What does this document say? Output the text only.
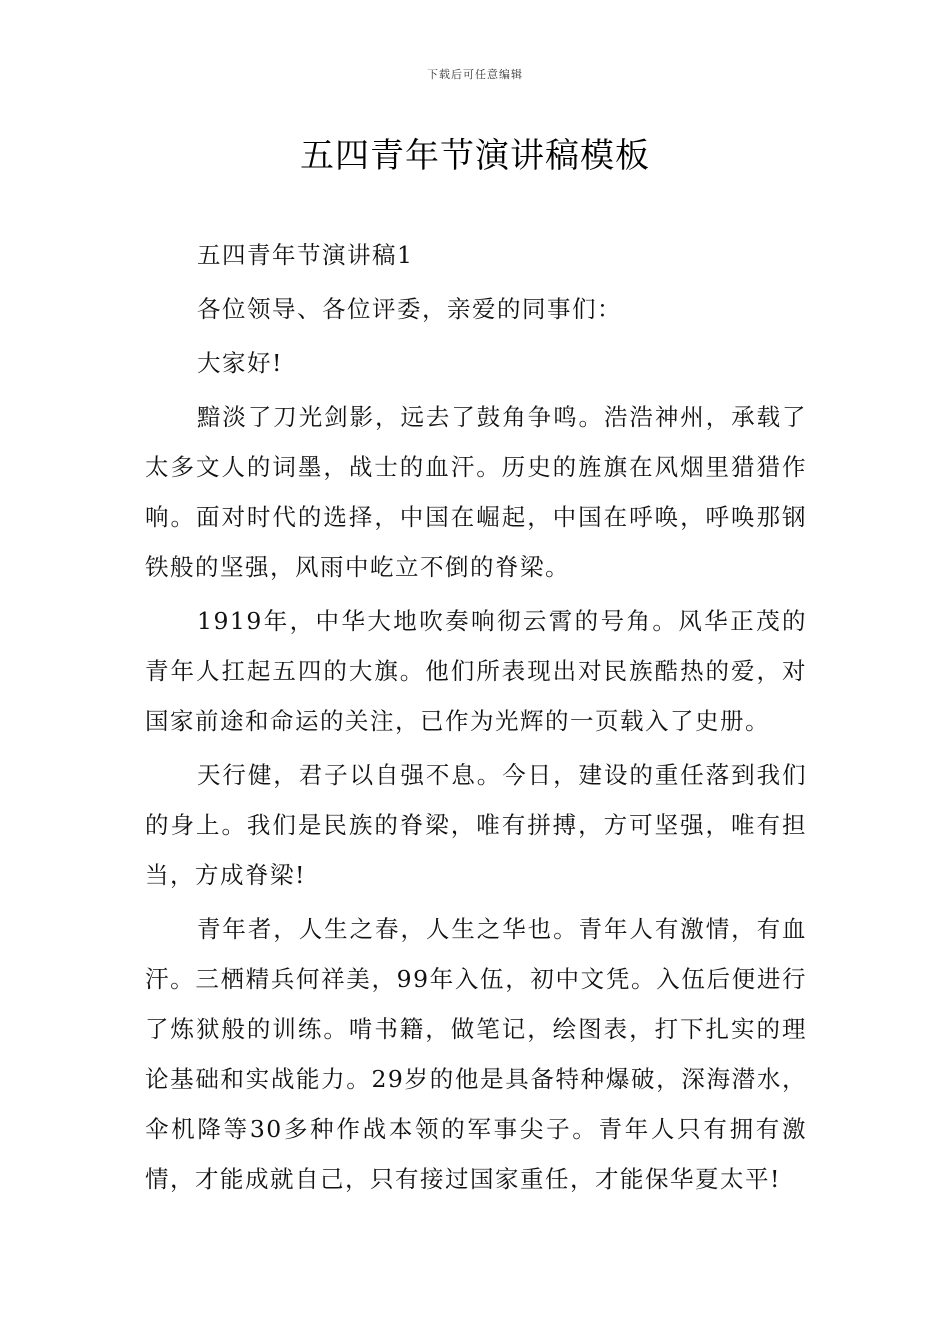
下载后可任意编辑
五四青年节演讲稿模板

五四青年节演讲稿1

各位领导、各位评委，亲爱的同事们：

大家好!

黯淡了刀光剑影，远去了鼓角争鸣。浩浩神州，承载了太多文人的词墨，战士的血汗。历史的旌旗在风烟里猎猎作响。面对时代的选择，中国在崛起，中国在呼唤，呼唤那钢铁般的坚强，风雨中屹立不倒的脊梁。

1919年，中华大地吹奏响彻云霄的号角。风华正茂的青年人扛起五四的大旗。他们所表现出对民族酷热的爱，对国家前途和命运的关注，已作为光辉的一页载入了史册。

天行健，君子以自强不息。今日，建设的重任落到我们的身上。我们是民族的脊梁，唯有拼搏，方可坚强，唯有担当，方成脊梁!

青年者，人生之春，人生之华也。青年人有激情，有血汗。三栖精兵何祥美，99年入伍，初中文凭。入伍后便进行了炼狱般的训练。啃书籍，做笔记，绘图表，打下扎实的理论基础和实战能力。29岁的他是具备特种爆破，深海潜水，伞机降等30多种作战本领的军事尖子。青年人只有拥有激情，才能成就自己，只有接过国家重任，才能保华夏太平!
